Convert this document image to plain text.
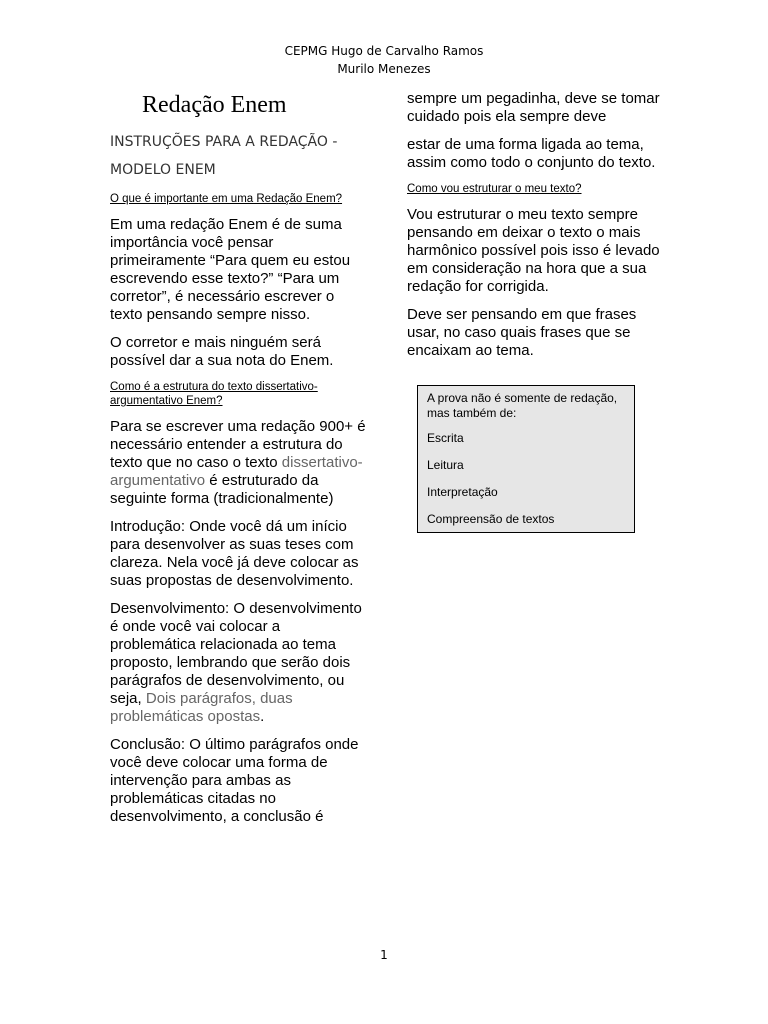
CEPMG Hugo de Carvalho Ramos
Murilo Menezes
Redação Enem
INSTRUÇÕES PARA A REDAÇÃO - MODELO ENEM
O que é importante em uma Redação Enem?

Em uma redação Enem é de suma importância você pensar primeiramente “Para quem eu estou escrevendo esse texto?” “Para um corretor”, é necessário escrever o texto pensando sempre nisso.

O corretor e mais ninguém será possível dar a sua nota do Enem.

Como é a estrutura do texto dissertativo-argumentativo Enem?

Para se escrever uma redação 900+ é necessário entender a estrutura do texto que no caso o texto dissertativo-argumentativo é estruturado da seguinte forma (tradicionalmente)

Introdução: Onde você dá um início para desenvolver as suas teses com clareza. Nela você já deve colocar as suas propostas de desenvolvimento.

Desenvolvimento: O desenvolvimento é onde você vai colocar a problemática relacionada ao tema proposto, lembrando que serão dois parágrafos de desenvolvimento, ou seja, Dois parágrafos, duas problemáticas opostas.

Conclusão: O último parágrafos onde você deve colocar uma forma de intervenção para ambas as problemáticas citadas no desenvolvimento, a conclusão é

sempre um pegadinha, deve se tomar cuidado pois ela sempre deve

estar de uma forma ligada ao tema, assim como todo o conjunto do texto.

Como vou estruturar o meu texto?

Vou estruturar o meu texto sempre pensando em deixar o texto o mais harmônico possível pois isso é levado em consideração na hora que a sua redação for corrigida.

Deve ser pensando em que frases usar, no caso quais frases que se encaixam ao tema.

A prova não é somente de redação, mas também de:
Escrita
Leitura
Interpretação
Compreensão de textos
1
